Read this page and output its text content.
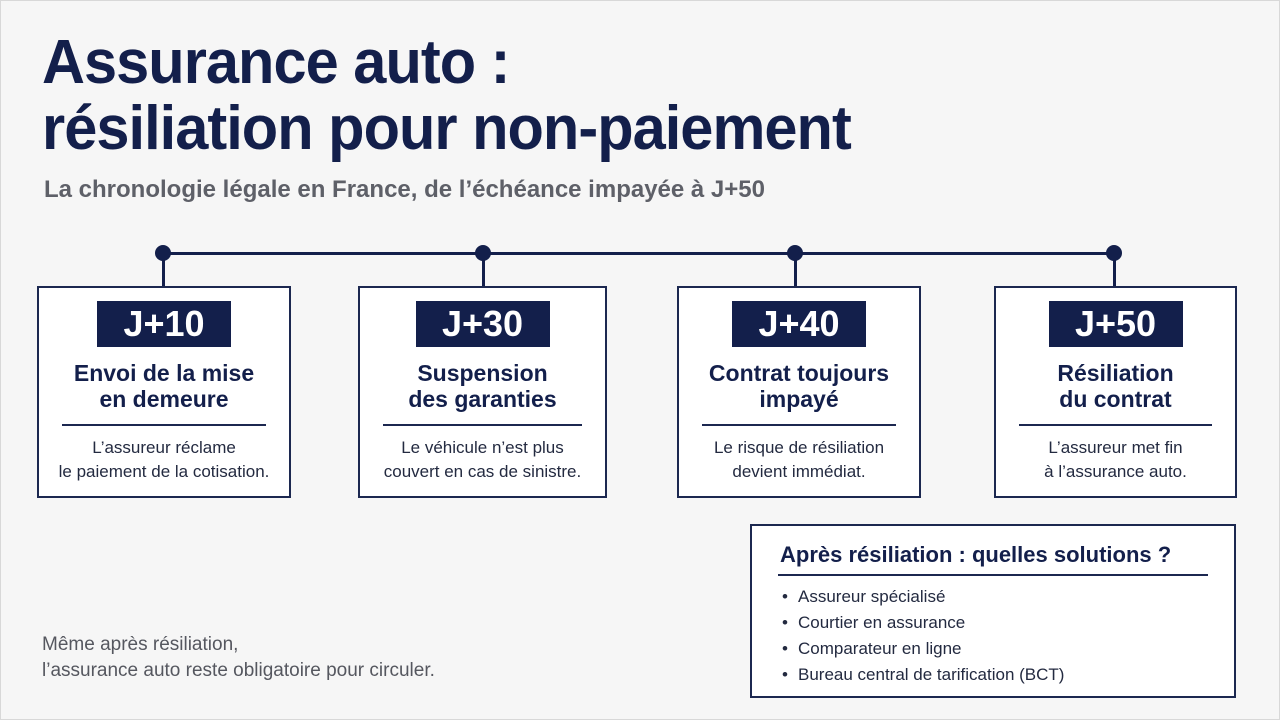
Assurance auto :
résiliation pour non-paiement
La chronologie légale en France, de l’échéance impayée à J+50
J+10
Envoi de la mise
en demeure
L’assureur réclame
le paiement de la cotisation.
J+30
Suspension
des garanties
Le véhicule n’est plus
couvert en cas de sinistre.
J+40
Contrat toujours
impayé
Le risque de résiliation
devient immédiat.
J+50
Résiliation
du contrat
L’assureur met fin
à l’assurance auto.
Après résiliation : quelles solutions ?
• Assureur spécialisé
• Courtier en assurance
• Comparateur en ligne
• Bureau central de tarification (BCT)
Même après résiliation,
l’assurance auto reste obligatoire pour circuler.
